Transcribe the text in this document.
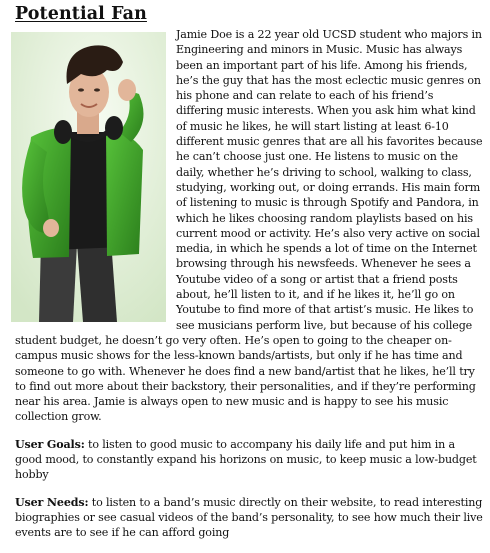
Potential Fan

Jamie Doe is a 22 year old UCSD student who majors in Engineering and minors in Music. Music has always been an important part of his life. Among his friends, he’s the guy that has the most eclectic music genres on his phone and can relate to each of his friend’s differing music interests. When you ask him what kind of music he likes, he will start listing at least 6-10 different music genres that are all his favorites because he can’t choose just one. He listens to music on the daily, whether he’s driving to school, walking to class, studying, working out, or doing errands. His main form of listening to music is through Spotify and Pandora, in which he likes choosing random playlists based on his current mood or activity. He’s also very active on social media, in which he spends a lot of time on the Internet browsing through his newsfeeds. Whenever he sees a Youtube video of a song or artist that a friend posts about, he’ll listen to it, and if he likes it, he’ll go on Youtube to find more of that artist’s music. He likes to see musicians perform live, but because of his college student budget, he doesn’t go very often. He’s open to going to the cheaper on-campus music shows for the less-known bands/artists, but only if he has time and someone to go with. Whenever he does find a new band/artist that he likes, he’ll try to find out more about their backstory, their personalities, and if they’re performing near his area. Jamie is always open to new music and is happy to see his music collection grow.

User Goals: to listen to good music to accompany his daily life and put him in a good mood, to constantly expand his horizons on music, to keep music a low-budget hobby

User Needs: to listen to a band’s music directly on their website, to read interesting biographies or see casual videos of the band’s personality, to see how much their live events are to see if he can afford going
